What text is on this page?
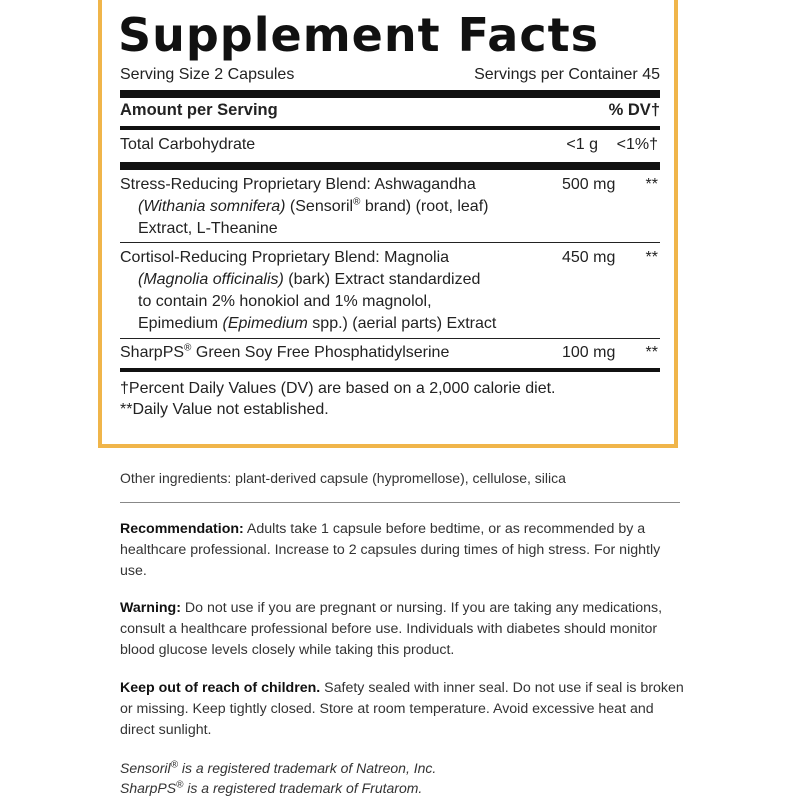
Supplement Facts
Serving Size 2 Capsules	Servings per Container 45
Amount per Serving	% DV†
Total Carbohydrate	<1 g <1%†
Stress-Reducing Proprietary Blend: Ashwagandha
(Withania somnifera) (Sensoril® brand) (root, leaf)
Extract, L-Theanine
500 mg **
Cortisol-Reducing Proprietary Blend: Magnolia
(Magnolia officinalis) (bark) Extract standardized
to contain 2% honokiol and 1% magnolol,
Epimedium (Epimedium spp.) (aerial parts) Extract
450 mg **
SharpPS® Green Soy Free Phosphatidylserine	100 mg **
†Percent Daily Values (DV) are based on a 2,000 calorie diet.
**Daily Value not established.
Other ingredients: plant-derived capsule (hypromellose), cellulose, silica
Recommendation: Adults take 1 capsule before bedtime, or as recommended by a healthcare professional. Increase to 2 capsules during times of high stress. For nightly use.
Warning: Do not use if you are pregnant or nursing. If you are taking any medications, consult a healthcare professional before use. Individuals with diabetes should monitor blood glucose levels closely while taking this product.
Keep out of reach of children. Safety sealed with inner seal. Do not use if seal is broken or missing. Keep tightly closed. Store at room temperature. Avoid excessive heat and direct sunlight.
Sensoril® is a registered trademark of Natreon, Inc.
SharpPS® is a registered trademark of Frutarom.
